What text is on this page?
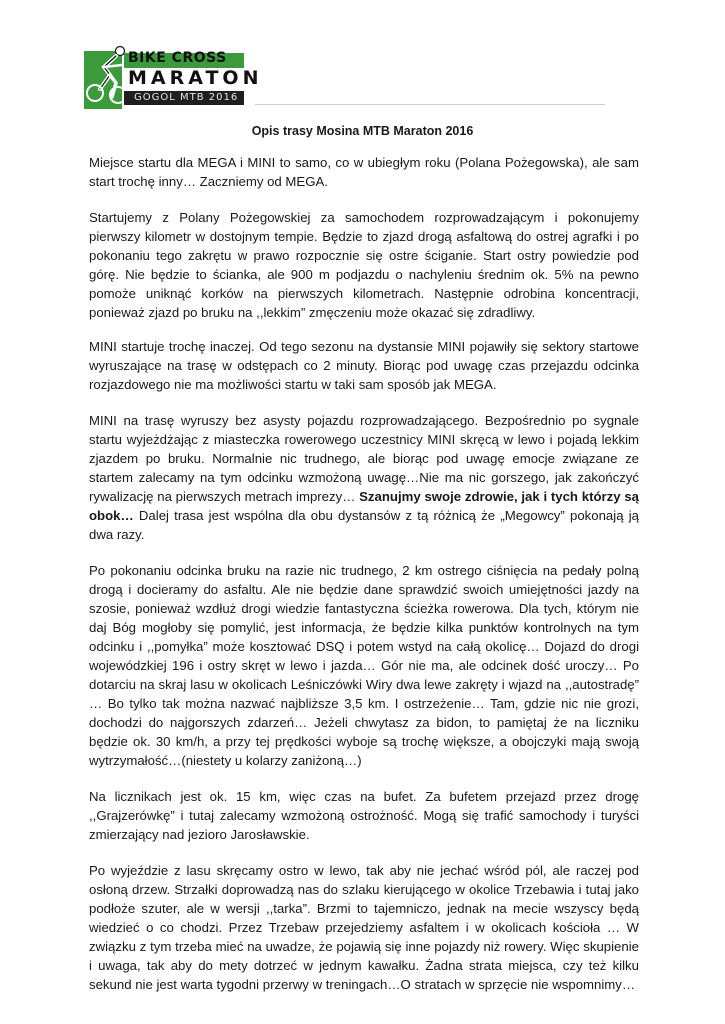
BIKE CROSS
MARATON
GOGOL MTB 2016
Opis trasy Mosina MTB Maraton 2016

Miejsce startu dla MEGA i MINI to samo, co w ubiegłym roku (Polana Pożegowska), ale sam start trochę inny… Zaczniemy od MEGA.

Startujemy z Polany Pożegowskiej za samochodem rozprowadzającym i pokonujemy pierwszy kilometr w dostojnym tempie. Będzie to zjazd drogą asfaltową do ostrej agrafki i po pokonaniu tego zakrętu w prawo rozpocznie się ostre ściganie. Start ostry powiedzie pod górę. Nie będzie to ścianka, ale 900 m podjazdu o nachyleniu średnim ok. 5% na pewno pomoże uniknąć korków na pierwszych kilometrach. Następnie odrobina koncentracji, ponieważ zjazd po bruku na ,,lekkim” zmęczeniu może okazać się zdradliwy.

MINI startuje trochę inaczej. Od tego sezonu na dystansie MINI pojawiły się sektory startowe wyruszające na trasę w odstępach co 2 minuty. Biorąc pod uwagę czas przejazdu odcinka rozjazdowego nie ma możliwości startu w taki sam sposób jak MEGA.

MINI na trasę wyruszy bez asysty pojazdu rozprowadzającego. Bezpośrednio po sygnale startu wyjeżdżając z miasteczka rowerowego uczestnicy MINI skręcą w lewo i pojadą lekkim zjazdem po bruku. Normalnie nic trudnego, ale biorąc pod uwagę emocje związane ze startem zalecamy na tym odcinku wzmożoną uwagę…Nie ma nic gorszego, jak zakończyć rywalizację na pierwszych metrach imprezy… Szanujmy swoje zdrowie, jak i tych którzy są obok… Dalej trasa jest wspólna dla obu dystansów z tą różnicą że „Megowcy” pokonają ją dwa razy.

Po pokonaniu odcinka bruku na razie nic trudnego, 2 km ostrego ciśnięcia na pedały polną drogą i docieramy do asfaltu. Ale nie będzie dane sprawdzić swoich umiejętności jazdy na szosie, ponieważ wzdłuż drogi wiedzie fantastyczna ścieżka rowerowa. Dla tych, którym nie daj Bóg mogłoby się pomylić, jest informacja, że będzie kilka punktów kontrolnych na tym odcinku i ,,pomyłka” może kosztować DSQ i potem wstyd na całą okolicę… Dojazd do drogi wojewódzkiej 196 i ostry skręt w lewo i jazda… Gór nie ma, ale odcinek dość uroczy… Po dotarciu na skraj lasu w okolicach Leśniczówki Wiry dwa lewe zakręty i wjazd na ,,autostradę” … Bo tylko tak można nazwać najbliższe 3,5 km. I ostrzeżenie… Tam, gdzie nic nie grozi, dochodzi do najgorszych zdarzeń… Jeżeli chwytasz za bidon, to pamiętaj że na liczniku będzie ok. 30 km/h, a przy tej prędkości wyboje są trochę większe, a obojczyki mają swoją wytrzymałość…(niestety u kolarzy zaniżoną…)

Na licznikach jest ok. 15 km, więc czas na bufet. Za bufetem przejazd przez drogę ,,Grajzerówkę” i tutaj zalecamy wzmożoną ostrożność. Mogą się trafić samochody i turyści zmierzający nad jezioro Jarosławskie.

Po wyjeździe z lasu skręcamy ostro w lewo, tak aby nie jechać wśród pól, ale raczej pod osłoną drzew. Strzałki doprowadzą nas do szlaku kierującego w okolice Trzebawia i tutaj jako podłoże szuter, ale w wersji ,,tarka”. Brzmi to tajemniczo, jednak na mecie wszyscy będą wiedzieć o co chodzi. Przez Trzebaw przejedziemy asfaltem i w okolicach kościoła … W związku z tym trzeba mieć na uwadze, że pojawią się inne pojazdy niż rowery. Więc skupienie i uwaga, tak aby do mety dotrzeć w jednym kawałku. Żadna strata miejsca, czy też kilku sekund nie jest warta tygodni przerwy w treningach…O stratach w sprzęcie nie wspomnimy…
